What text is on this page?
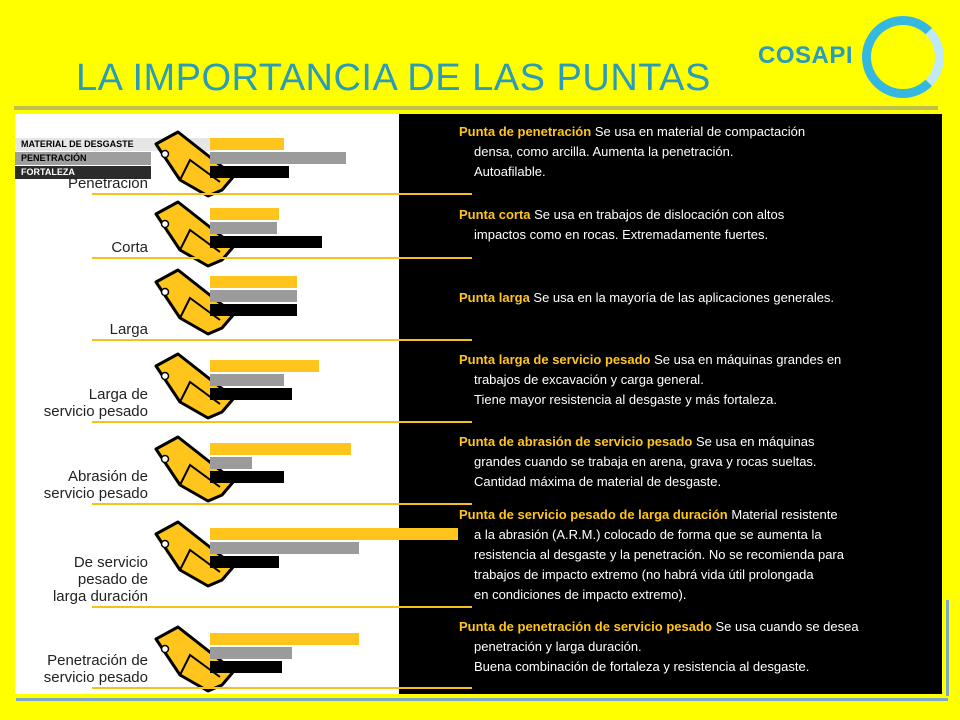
LA IMPORTANCIA DE LAS PUNTAS
COSAPI
MATERIAL DE DESGASTE
PENETRACIÓN
FORTALEZA
Penetración
Corta
Larga
Larga de
servicio pesado
Abrasión de
servicio pesado
De servicio
pesado de
larga duración
Penetración de
servicio pesado
Punta de penetración Se usa en material de compactación
densa, como arcilla. Aumenta la penetración.
Autoafilable.
Punta corta Se usa en trabajos de dislocación con altos
impactos como en rocas. Extremadamente fuertes.
Punta larga Se usa en la mayoría de las aplicaciones generales.
Punta larga de servicio pesado Se usa en máquinas grandes en
trabajos de excavación y carga general.
Tiene mayor resistencia al desgaste y más fortaleza.
Punta de abrasión de servicio pesado Se usa en máquinas
grandes cuando se trabaja en arena, grava y rocas sueltas.
Cantidad máxima de material de desgaste.
Punta de servicio pesado de larga duración Material resistente
a la abrasión (A.R.M.) colocado de forma que se aumenta la
resistencia al desgaste y la penetración. No se recomienda para
trabajos de impacto extremo (no habrá vida útil prolongada
en condiciones de impacto extremo).
Punta de penetración de servicio pesado Se usa cuando se desea
penetración y larga duración.
Buena combinación de fortaleza y resistencia al desgaste.
